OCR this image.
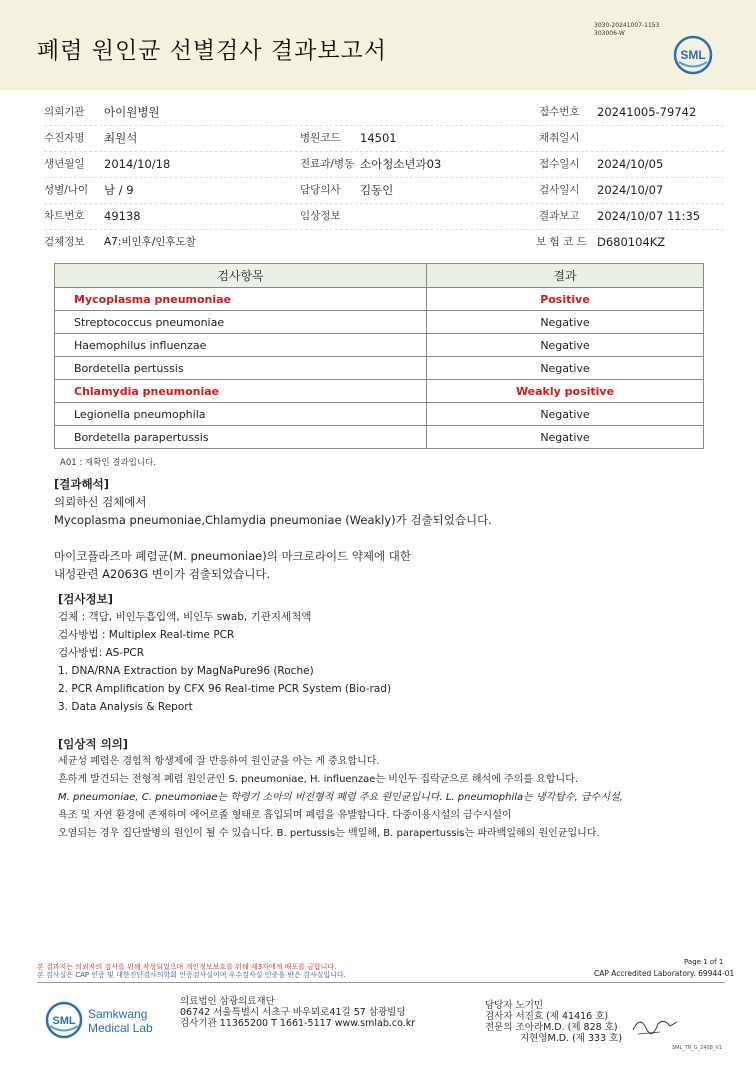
폐렴 원인균 선별검사 결과보고서
3030-20241007-1153
303006-W
SML
의뢰기관 아이원병원	접수번호 20241005-79742
수진자명 최원석	병원코드 14501	채취일시
생년월일 2014/10/18	진료과/병동 소아청소년과03	접수일시 2024/10/05
성별/나이 남 / 9	담당의사 김동인	검사일시 2024/10/07
차트번호 49138	임상정보	결과보고 2024/10/07 11:35
검체정보 A7:비인후/인후도찰	보 험 코 드 D680104KZ
검사항목	결과
Mycoplasma pneumoniae	Positive
Streptococcus pneumoniae	Negative
Haemophilus influenzae	Negative
Bordetella pertussis	Negative
Chlamydia pneumoniae	Weakly positive
Legionella pneumophila	Negative
Bordetella parapertussis	Negative
A01 : 재확인 결과입니다.
[결과해석]
의뢰하신 검체에서
Mycoplasma pneumoniae,Chlamydia pneumoniae (Weakly)가 검출되었습니다.
마이코플라즈마 폐렴균(M. pneumoniae)의 마크로라이드 약제에 대한
내성관련 A2063G 변이가 검출되었습니다.
[검사정보]
검체 : 객담, 비인두흡입액, 비인두 swab, 기관지세척액
검사방법 : Multiplex Real-time PCR
검사방법: AS-PCR
1. DNA/RNA Extraction by MagNaPure96 (Roche)
2. PCR Amplification by CFX 96 Real-time PCR System (Bio-rad)
3. Data Analysis & Report
[임상적 의의]
세균성 폐렴은 경험적 항생제에 잘 반응하여 원인균을 아는 게 중요합니다.
흔하게 발견되는 전형적 폐렴 원인균인 S. pneumoniae, H. influenzae는 비인두 집락균으로 해석에 주의를 요합니다.
M. pneumoniae, C. pneumoniae는 학령기 소아의 비전형적 폐렴 주요 원인균입니다. L. pneumophila는 냉각탑수, 급수시설,
욕조 및 자연 환경에 존재하며 에어로졸 형태로 흡입되며 폐렴을 유발합니다. 다중이용시설의 급수시설이
오염되는 경우 집단발병의 원인이 될 수 있습니다. B. pertussis는 백일해, B. parapertussis는 파라백일해의 원인균입니다.
본 결과지는 의뢰자의 검사를 위해 작성되었으며 개인정보보호를 위해 제3자에게 배포를 금합니다.
본 검사실은 CAP 인증 및 대한진단검사의학회 인증검사실이며 우수검사실 인증을 받은 검사실입니다.
Page 1 of 1
CAP Accredited Laboratory. 69944-01
SML Samkwang
Medical Lab
의료법인 삼광의료재단
06742 서울특별시 서초구 바우뫼로41길 57 삼광빌딩
검사기관 11365200 T 1661-5117 www.smlab.co.kr
담당자 노기민
검사자 서진효 (제 41416 호)
전문의 조아라M.D. (제 828 호)
지현영M.D. (제 333 호)
SML_TR_G_2408_V1
